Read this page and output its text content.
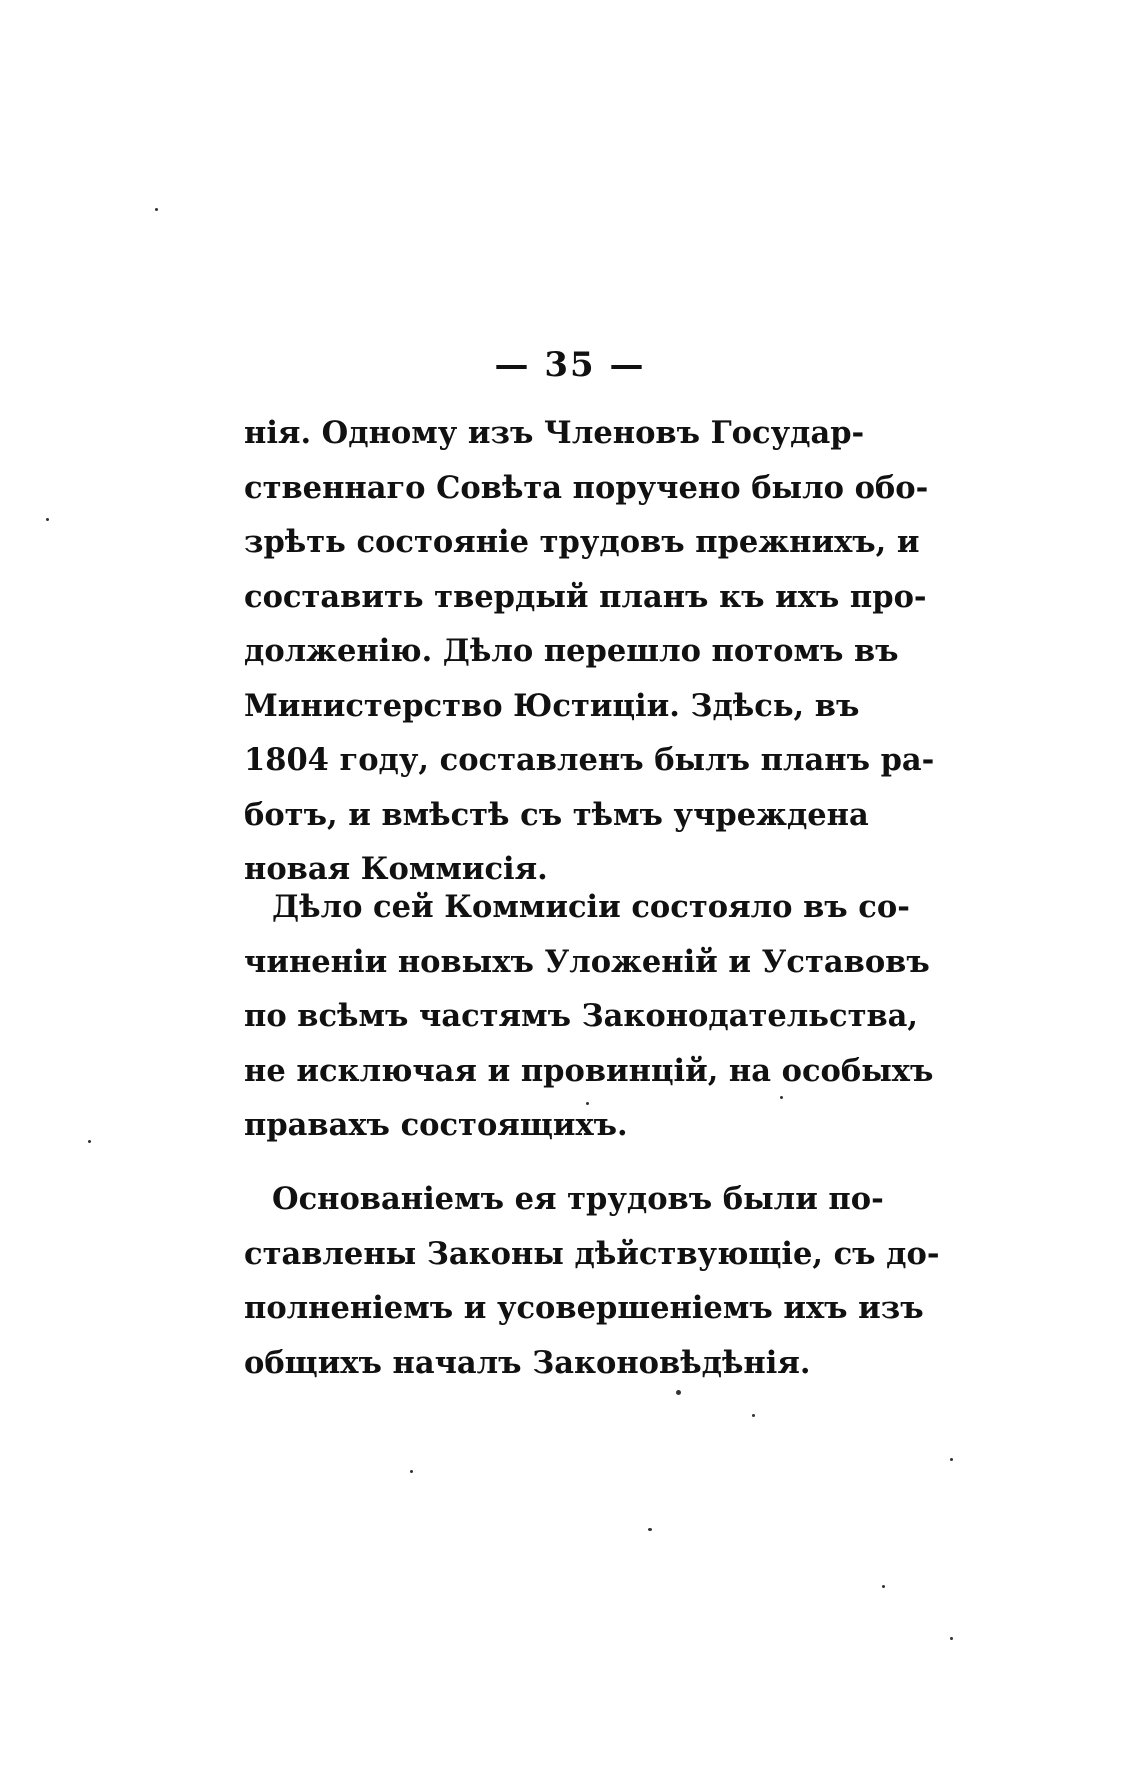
— 35 —
нія. Одному изъ Членовъ Государ-
ственнаго Совѣта поручено было обо-
зрѣть состояніе трудовъ прежнихъ, и
составить твердый планъ къ ихъ про-
долженію. Дѣло перешло потомъ въ
Министерство Юстиціи. Здѣсь, въ
1804 году, составленъ былъ планъ ра-
ботъ, и вмѣстѣ съ тѣмъ учреждена
новая Коммисія.
Дѣло сей Коммисіи состояло въ со-
чиненіи новыхъ Уложеній и Уставовъ
по всѣмъ частямъ Законодательства,
не исключая и провинцій, на особыхъ
правахъ состоящихъ.
Основаніемъ ея трудовъ были по-
ставлены Законы дѣйствующіе, съ до-
полненіемъ и усовершеніемъ ихъ изъ
общихъ началъ Законовѣдѣнія.
